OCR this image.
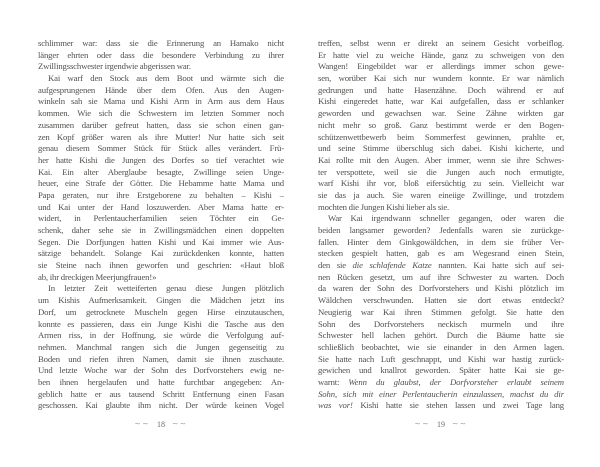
schlimmer war: dass sie die Erinnerung an Hamako nicht
länger ehrten oder dass die besondere Verbindung zu ihrer
Zwillingsschwester irgendwie abgerissen war.
Kai warf den Stock aus dem Boot und wärmte sich die
aufgesprungenen Hände über dem Ofen. Aus den Augen-
winkeln sah sie Mama und Kishi Arm in Arm aus dem Haus
kommen. Wie sich die Schwestern im letzten Sommer noch
zusammen darüber gefreut hatten, dass sie schon einen gan-
zen Kopf größer waren als ihre Mutter! Nur hatte sich seit
genau diesem Sommer Stück für Stück alles verändert. Frü-
her hatte Kishi die Jungen des Dorfes so tief verachtet wie
Kai. Ein alter Aberglaube besagte, Zwillinge seien Unge-
heuer, eine Strafe der Götter. Die Hebamme hatte Mama und
Papa geraten, nur ihre Erstgeborene zu behalten – Kishi –
und Kai unter der Hand loszuwerden. Aber Mama hatte er-
widert, in Perlentaucherfamilien seien Töchter ein Ge-
schenk, daher sehe sie in Zwillingsmädchen einen doppelten
Segen. Die Dorfjungen hatten Kishi und Kai immer wie Aus-
sätzige behandelt. Solange Kai zurückdenken konnte, hatten
sie Steine nach ihnen geworfen und geschrien: «Haut bloß
ab, ihr dreckigen Meerjungfrauen!»
In letzter Zeit wetteiferten genau diese Jungen plötzlich
um Kishis Aufmerksamkeit. Gingen die Mädchen jetzt ins
Dorf, um getrocknete Muscheln gegen Hirse einzutauschen,
konnte es passieren, dass ein Junge Kishi die Tasche aus den
Armen riss, in der Hoffnung, sie würde die Verfolgung auf-
nehmen. Manchmal rangen sich die Jungen gegenseitig zu
Boden und riefen ihren Namen, damit sie ihnen zuschaute.
Und letzte Woche war der Sohn des Dorfvorstehers ewig ne-
ben ihnen hergelaufen und hatte furchtbar angegeben: An-
geblich hatte er aus tausend Schritt Entfernung einen Fasan
geschossen. Kai glaubte ihm nicht. Der würde keinen Vogel
∼∼ 18 ∼∼
treffen, selbst wenn er direkt an seinem Gesicht vorbeiflog.
Er hatte viel zu weiche Hände, ganz zu schweigen von den
Wangen! Eingebildet war er allerdings immer schon gewe-
sen, worüber Kai sich nur wundern konnte. Er war nämlich
gedrungen und hatte Hasenzähne. Doch während er auf
Kishi eingeredet hatte, war Kai aufgefallen, dass er schlanker
geworden und gewachsen war. Seine Zähne wirkten gar
nicht mehr so groß. Ganz bestimmt werde er den Bogen-
schützenwettbewerb beim Sommerfest gewinnen, prahlte er,
und seine Stimme überschlug sich dabei. Kishi kicherte, und
Kai rollte mit den Augen. Aber immer, wenn sie ihre Schwes-
ter verspottete, weil sie die Jungen auch noch ermutigte,
warf Kishi ihr vor, bloß eifersüchtig zu sein. Vielleicht war
sie das ja auch. Sie waren eineiige Zwillinge, und trotzdem
mochten die Jungen Kishi lieber als sie.
War Kai irgendwann schneller gegangen, oder waren die
beiden langsamer geworden? Jedenfalls waren sie zurückge-
fallen. Hinter dem Ginkgowäldchen, in dem sie früher Ver-
stecken gespielt hatten, gab es am Wegesrand einen Stein,
den sie die schlafende Katze nannten. Kai hatte sich auf sei-
nen Rücken gesetzt, um auf ihre Schwester zu warten. Doch
da waren der Sohn des Dorfvorstehers und Kishi plötzlich im
Wäldchen verschwunden. Hatten sie dort etwas entdeckt?
Neugierig war Kai ihren Stimmen gefolgt. Sie hatte den
Sohn des Dorfvorstehers neckisch murmeln und ihre
Schwester hell lachen gehört. Durch die Bäume hatte sie
schließlich beobachtet, wie sie einander in den Armen lagen.
Sie hatte nach Luft geschnappt, und Kishi war hastig zurück-
gewichen und knallrot geworden. Später hatte Kai sie ge-
warnt: Wenn du glaubst, der Dorfvorsteher erlaubt seinem
Sohn, sich mit einer Perlentaucherin einzulassen, machst du dir
was vor! Kishi hatte sie stehen lassen und zwei Tage lang
∼∼ 19 ∼∼
